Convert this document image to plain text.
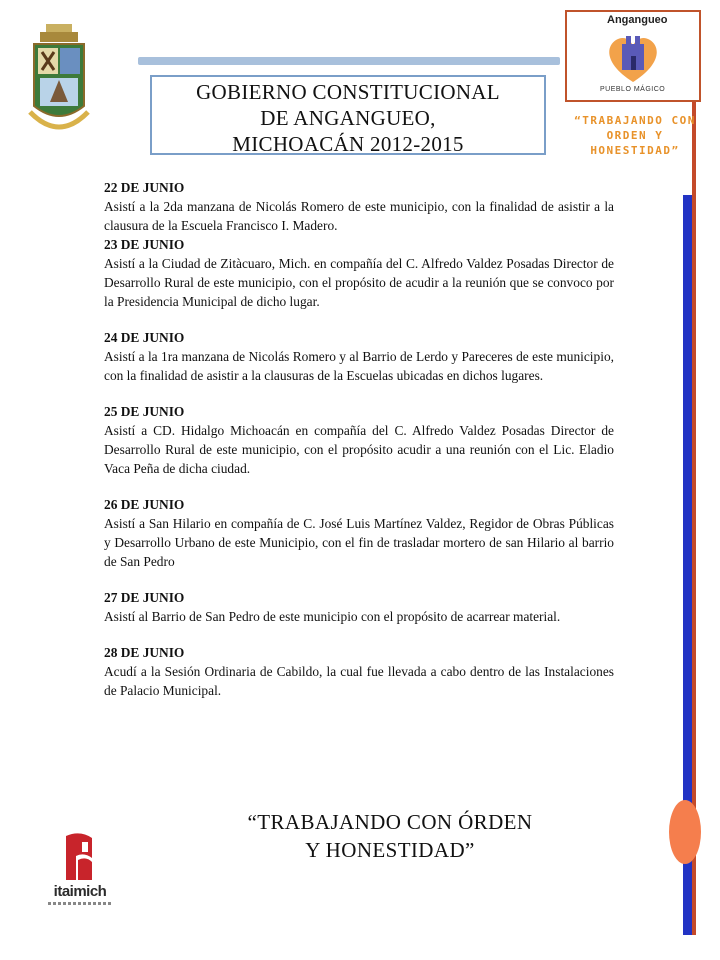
GOBIERNO CONSTITUCIONAL
DE ANGANGUEO,
MICHOACÁN 2012-2015
Angangueo
PUEBLO MÁGICO
“TRABAJANDO CON ORDEN Y HONESTIDAD”

22 DE JUNIO
Asistí a la 2da manzana de Nicolás Romero de este municipio, con la finalidad de asistir a la clausura de la Escuela Francisco I. Madero.

23 DE JUNIO
Asistí a la Ciudad de Zitàcuaro, Mich. en compañía del C. Alfredo Valdez Posadas Director de Desarrollo Rural de este municipio, con el propósito de acudir a la reunión que se convoco por la Presidencia Municipal de dicho lugar.

24 DE JUNIO
Asistí a la 1ra manzana de Nicolás Romero y al Barrio de Lerdo y Pareceres de este municipio, con la finalidad de asistir a la clausuras de la Escuelas ubicadas en dichos lugares.

25 DE JUNIO
Asistí a CD. Hidalgo Michoacán en compañía del C. Alfredo Valdez Posadas Director de Desarrollo Rural de este municipio, con el propósito acudir a una reunión con el Lic. Eladio Vaca Peña de dicha ciudad.

26 DE JUNIO
Asistí a San Hilario en compañía de C. José Luis Martínez Valdez, Regidor de Obras Públicas y Desarrollo Urbano de este Municipio, con el fin de trasladar mortero de san Hilario al barrio de San Pedro

27 DE JUNIO
Asistí al Barrio de San Pedro de este municipio con el propósito de acarrear material.

28 DE JUNIO
Acudí a la Sesión Ordinaria de Cabildo, la cual fue llevada a cabo dentro de las Instalaciones de Palacio Municipal.

“TRABAJANDO CON ÓRDEN
Y HONESTIDAD”
itaimich
